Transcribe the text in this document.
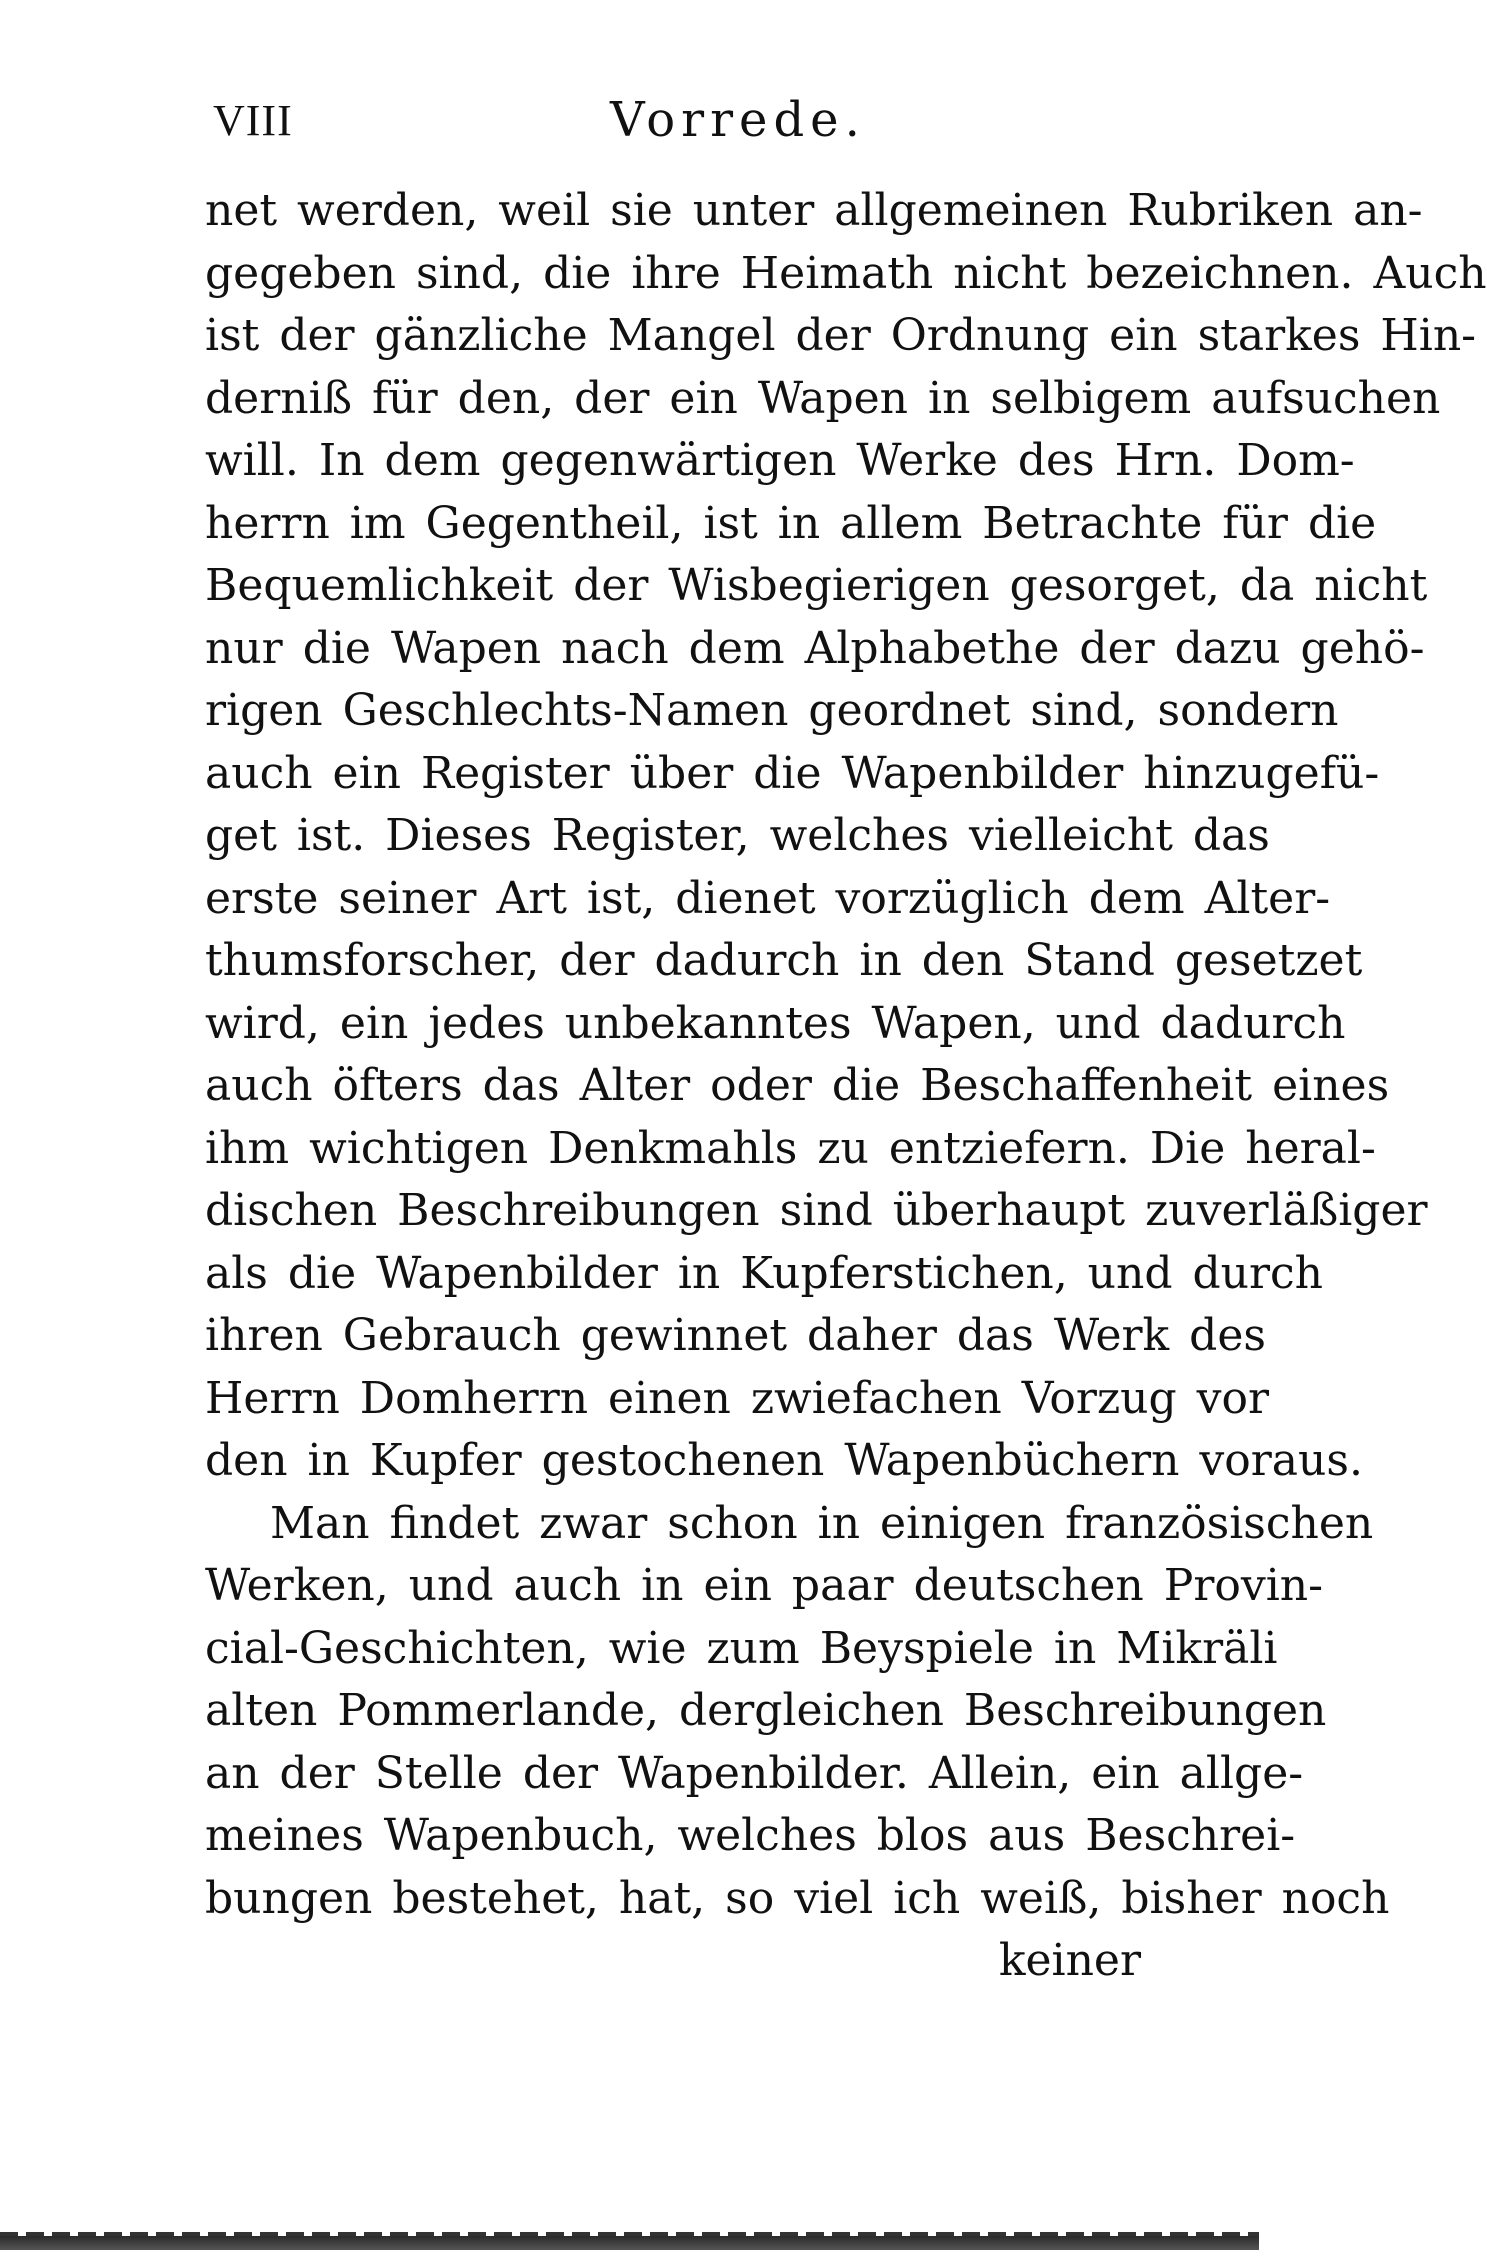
VIII	Vorrede.
net werden, weil sie unter allgemeinen Rubriken an-
gegeben sind, die ihre Heimath nicht bezeichnen. Auch
ist der gänzliche Mangel der Ordnung ein starkes Hin-
derniß für den, der ein Wapen in selbigem aufsuchen
will. In dem gegenwärtigen Werke des Hrn. Dom-
herrn im Gegentheil, ist in allem Betrachte für die
Bequemlichkeit der Wisbegierigen gesorget, da nicht
nur die Wapen nach dem Alphabethe der dazu gehö-
rigen Geschlechts-Namen geordnet sind, sondern
auch ein Register über die Wapenbilder hinzugefü-
get ist. Dieses Register, welches vielleicht das
erste seiner Art ist, dienet vorzüglich dem Alter-
thumsforscher, der dadurch in den Stand gesetzet
wird, ein jedes unbekanntes Wapen, und dadurch
auch öfters das Alter oder die Beschaffenheit eines
ihm wichtigen Denkmahls zu entziefern. Die heral-
dischen Beschreibungen sind überhaupt zuverläßiger
als die Wapenbilder in Kupferstichen, und durch
ihren Gebrauch gewinnet daher das Werk des
Herrn Domherrn einen zwiefachen Vorzug vor
den in Kupfer gestochenen Wapenbüchern voraus.
Man findet zwar schon in einigen französischen
Werken, und auch in ein paar deutschen Provin-
cial-Geschichten, wie zum Beyspiele in Mikräli
alten Pommerlande, dergleichen Beschreibungen
an der Stelle der Wapenbilder. Allein, ein allge-
meines Wapenbuch, welches blos aus Beschrei-
bungen bestehet, hat, so viel ich weiß, bisher noch
keiner
